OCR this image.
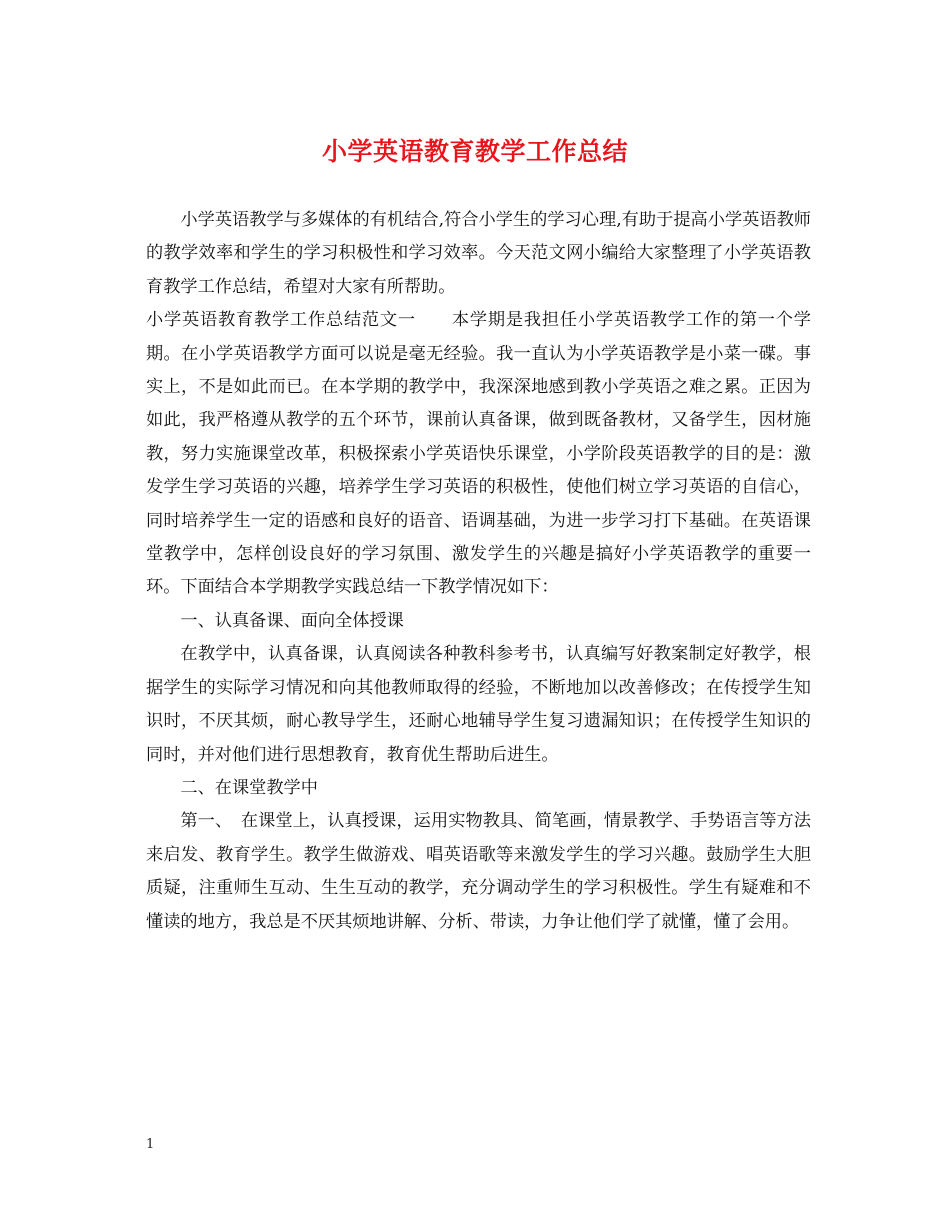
小学英语教育教学工作总结

小学英语教学与多媒体的有机结合,符合小学生的学习心理,有助于提高小学英语教师的教学效率和学生的学习积极性和学习效率。今天范文网小编给大家整理了小学英语教育教学工作总结，希望对大家有所帮助。

小学英语教育教学工作总结范文一　　本学期是我担任小学英语教学工作的第一个学期。在小学英语教学方面可以说是毫无经验。我一直认为小学英语教学是小菜一碟。事实上，不是如此而已。在本学期的教学中，我深深地感到教小学英语之难之累。正因为如此，我严格遵从教学的五个环节，课前认真备课，做到既备教材，又备学生，因材施教，努力实施课堂改革，积极探索小学英语快乐课堂，小学阶段英语教学的目的是：激发学生学习英语的兴趣，培养学生学习英语的积极性，使他们树立学习英语的自信心，同时培养学生一定的语感和良好的语音、语调基础，为进一步学习打下基础。在英语课堂教学中，怎样创设良好的学习氛围、激发学生的兴趣是搞好小学英语教学的重要一环。下面结合本学期教学实践总结一下教学情况如下：

一、认真备课、面向全体授课

在教学中，认真备课，认真阅读各种教科参考书，认真编写好教案制定好教学，根据学生的实际学习情况和向其他教师取得的经验，不断地加以改善修改；在传授学生知识时，不厌其烦，耐心教导学生，还耐心地辅导学生复习遗漏知识；在传授学生知识的同时，并对他们进行思想教育，教育优生帮助后进生。

二、在课堂教学中

第一、　在课堂上，认真授课，运用实物教具、简笔画，情景教学、手势语言等方法来启发、教育学生。教学生做游戏、唱英语歌等来激发学生的学习兴趣。鼓励学生大胆质疑，注重师生互动、生生互动的教学，充分调动学生的学习积极性。学生有疑难和不懂读的地方，我总是不厌其烦地讲解、分析、带读，力争让他们学了就懂，懂了会用。

1
